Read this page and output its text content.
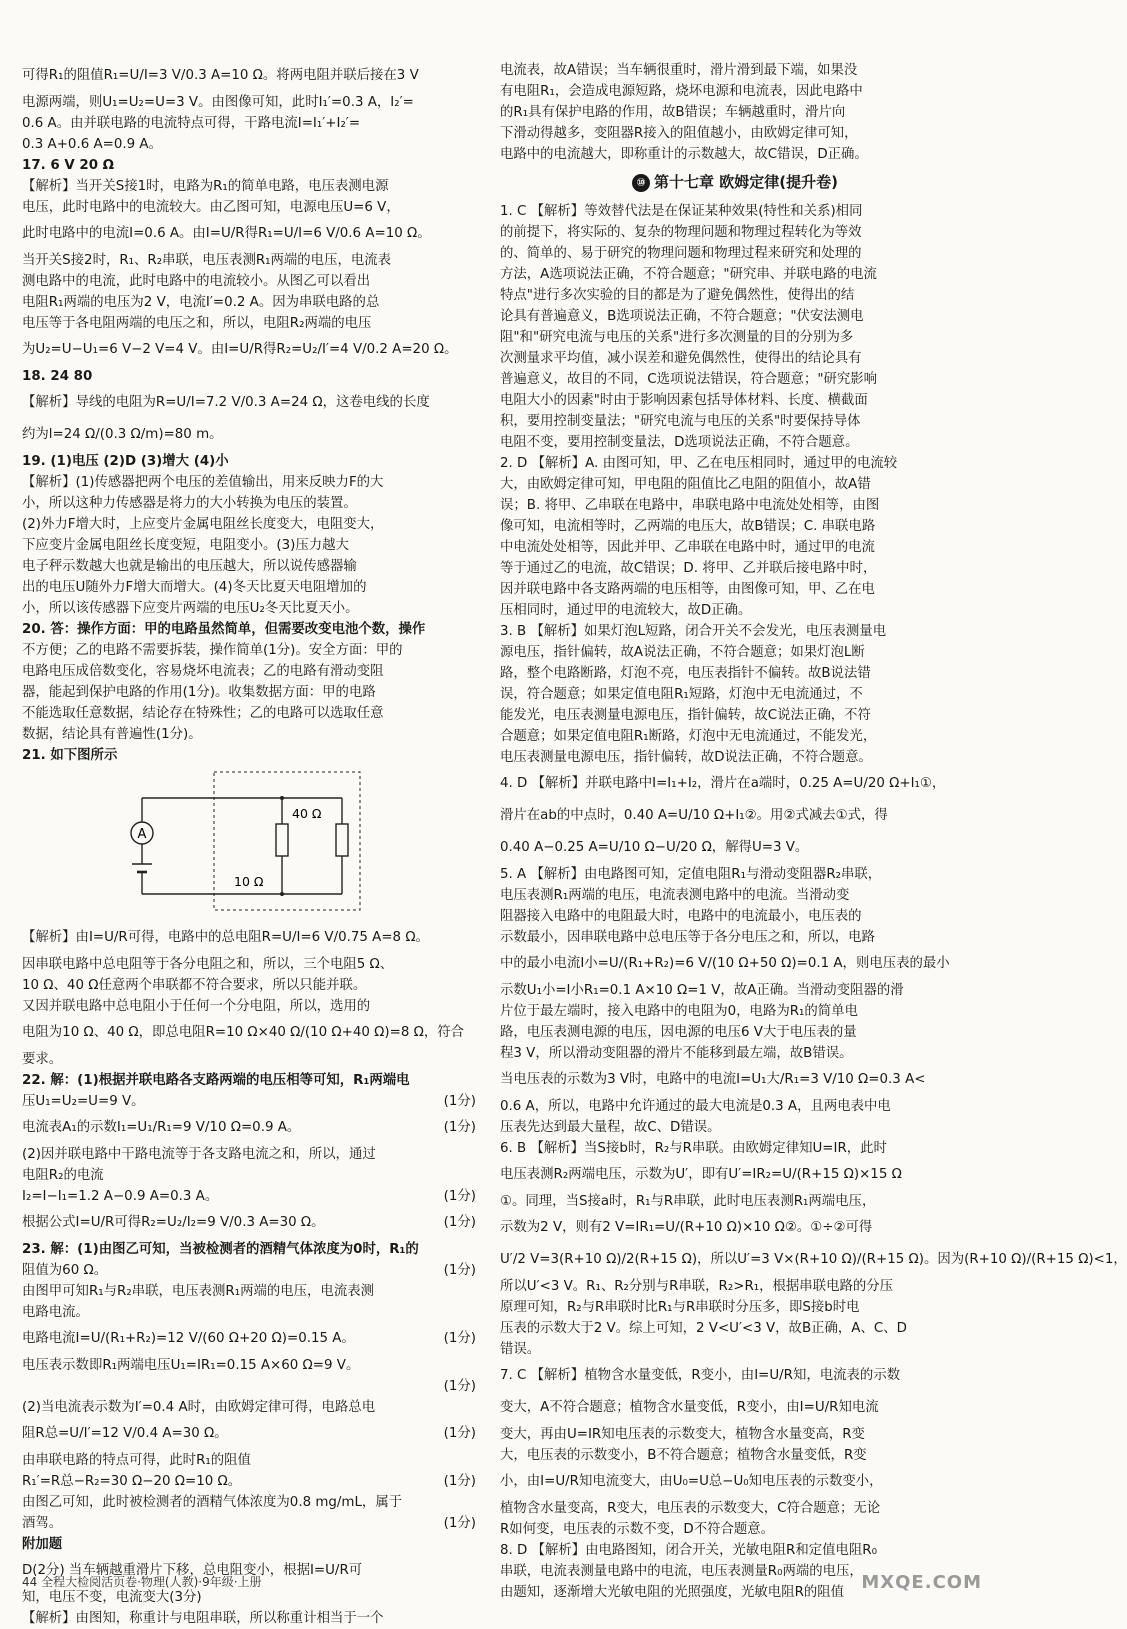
可得R₁的阻值R₁=U/I=3 V/0.3 A=10 Ω。将两电阻并联后接在3 V
电源两端，则U₁=U₂=U=3 V。由图像可知，此时I₁′=0.3 A，I₂′=
0.6 A。由并联电路的电流特点可得，干路电流I=I₁′+I₂′=
0.3 A+0.6 A=0.9 A。
17. 6 V 20 Ω
【解析】当开关S接1时，电路为R₁的简单电路，电压表测电源
电压，此时电路中的电流较大。由乙图可知，电源电压U=6 V，
此时电路中的电流I=0.6 A。由I=U/R得R₁=U/I=6 V/0.6 A=10 Ω。
当开关S接2时，R₁、R₂串联，电压表测R₁两端的电压，电流表
测电路中的电流，此时电路中的电流较小。从图乙可以看出
电阻R₁两端的电压为2 V，电流I′=0.2 A。因为串联电路的总
电压等于各电阻两端的电压之和，所以，电阻R₂两端的电压
为U₂=U−U₁=6 V−2 V=4 V。由I=U/R得R₂=U₂/I′=4 V/0.2 A=20 Ω。
18. 24 80
【解析】导线的电阻为R=U/I=7.2 V/0.3 A=24 Ω，这卷电线的长度
约为l=24 Ω/(0.3 Ω/m)=80 m。
19. (1)电压 (2)D (3)增大 (4)小
【解析】(1)传感器把两个电压的差值输出，用来反映力F的大
小，所以这种力传感器是将力的大小转换为电压的装置。
(2)外力F增大时，上应变片金属电阻丝长度变大，电阻变大，
下应变片金属电阻丝长度变短，电阻变小。(3)压力越大
电子秤示数越大也就是输出的电压越大，所以说传感器输
出的电压U随外力F增大而增大。(4)冬天比夏天电阻增加的
小，所以该传感器下应变片两端的电压U₂冬天比夏天小。
20. 答：操作方面：甲的电路虽然简单，但需要改变电池个数，操作
不方便；乙的电路不需要拆装，操作简单(1分)。安全方面：甲的
电路电压成倍数变化，容易烧坏电流表；乙的电路有滑动变阻
器，能起到保护电路的作用(1分)。收集数据方面：甲的电路
不能选取任意数据，结论存在特殊性；乙的电路可以选取任意
数据，结论具有普遍性(1分)。
21. 如下图所示
A
40 Ω
10 Ω
【解析】由I=U/R可得，电路中的总电阻R=U/I=6 V/0.75 A=8 Ω。
因串联电路中总电阻等于各分电阻之和，所以，三个电阻5 Ω、
10 Ω、40 Ω任意两个串联都不符合要求，所以只能并联。
又因并联电路中总电阻小于任何一个分电阻，所以，选用的
电阻为10 Ω、40 Ω，即总电阻R=10 Ω×40 Ω/(10 Ω+40 Ω)=8 Ω，符合
要求。
22. 解：(1)根据并联电路各支路两端的电压相等可知，R₁两端电
(1分)
压U₁=U₂=U=9 V。
(1分)
电流表A₁的示数I₁=U₁/R₁=9 V/10 Ω=0.9 A。
(2)因并联电路中干路电流等于各支路电流之和，所以，通过
电阻R₂的电流
(1分)
I₂=I−I₁=1.2 A−0.9 A=0.3 A。
(1分)
根据公式I=U/R可得R₂=U₂/I₂=9 V/0.3 A=30 Ω。
23. 解：(1)由图乙可知，当被检测者的酒精气体浓度为0时，R₁的
(1分)
阻值为60 Ω。
由图甲可知R₁与R₂串联，电压表测R₁两端的电压，电流表测
电路电流。
(1分)
电路电流I=U/(R₁+R₂)=12 V/(60 Ω+20 Ω)=0.15 A。
电压表示数即R₁两端电压U₁=IR₁=0.15 A×60 Ω=9 V。
(1分)
(2)当电流表示数为I′=0.4 A时，由欧姆定律可得，电路总电
(1分)
阻R总=U/I′=12 V/0.4 A=30 Ω。
由串联电路的特点可得，此时R₁的阻值
(1分)
R₁′=R总−R₂=30 Ω−20 Ω=10 Ω。
由图乙可知，此时被检测者的酒精气体浓度为0.8 mg/mL，属于
(1分)
酒驾。
附加题
D(2分) 当车辆越重滑片下移，总电阻变小，根据I=U/R可
知，电压不变，电流变大(3分)
【解析】由图知，称重计与电阻串联，所以称重计相当于一个
电流表，故A错误；当车辆很重时，滑片滑到最下端，如果没
有电阻R₁，会造成电源短路，烧坏电源和电流表，因此电路中
的R₁具有保护电路的作用，故B错误；车辆越重时，滑片向
下滑动得越多，变阻器R接入的阻值越小，由欧姆定律可知，
电路中的电流越大，即称重计的示数越大，故C错误，D正确。
⑩ 第十七章 欧姆定律(提升卷)
1. C 【解析】等效替代法是在保证某种效果(特性和关系)相同
的前提下，将实际的、复杂的物理问题和物理过程转化为等效
的、简单的、易于研究的物理问题和物理过程来研究和处理的
方法，A选项说法正确，不符合题意；"研究串、并联电路的电流
特点"进行多次实验的目的都是为了避免偶然性，使得出的结
论具有普遍意义，B选项说法正确，不符合题意；"伏安法测电
阻"和"研究电流与电压的关系"进行多次测量的目的分别为多
次测量求平均值，减小误差和避免偶然性，使得出的结论具有
普遍意义，故目的不同，C选项说法错误，符合题意；"研究影响
电阻大小的因素"时由于影响因素包括导体材料、长度、横截面
积，要用控制变量法；"研究电流与电压的关系"时要保持导体
电阻不变，要用控制变量法，D选项说法正确，不符合题意。
2. D 【解析】A. 由图可知，甲、乙在电压相同时，通过甲的电流较
大，由欧姆定律可知，甲电阻的阻值比乙电阻的阻值小，故A错
误；B. 将甲、乙串联在电路中，串联电路中电流处处相等，由图
像可知，电流相等时，乙两端的电压大，故B错误；C. 串联电路
中电流处处相等，因此并甲、乙串联在电路中时，通过甲的电流
等于通过乙的电流，故C错误；D. 将甲、乙并联后接电路中时，
因并联电路中各支路两端的电压相等，由图像可知，甲、乙在电
压相同时，通过甲的电流较大，故D正确。
3. B 【解析】如果灯泡L短路，闭合开关不会发光，电压表测量电
源电压，指针偏转，故A说法正确，不符合题意；如果灯泡L断
路，整个电路断路，灯泡不亮，电压表指针不偏转。故B说法错
误，符合题意；如果定值电阻R₁短路，灯泡中无电流通过，不
能发光，电压表测量电源电压，指针偏转，故C说法正确，不符
合题意；如果定值电阻R₁断路，灯泡中无电流通过，不能发光，
电压表测量电源电压，指针偏转，故D说法正确，不符合题意。
4. D 【解析】并联电路中I=I₁+I₂，滑片在a端时，0.25 A=U/20 Ω+I₁①，
滑片在ab的中点时，0.40 A=U/10 Ω+I₁②。用②式减去①式，得
0.40 A−0.25 A=U/10 Ω−U/20 Ω，解得U=3 V。
5. A 【解析】由电路图可知，定值电阻R₁与滑动变阻器R₂串联，
电压表测R₁两端的电压，电流表测电路中的电流。当滑动变
阻器接入电路中的电阻最大时，电路中的电流最小，电压表的
示数最小，因串联电路中总电压等于各分电压之和，所以，电路
中的最小电流I小=U/(R₁+R₂)=6 V/(10 Ω+50 Ω)=0.1 A，则电压表的最小
示数U₁小=I小R₁=0.1 A×10 Ω=1 V，故A正确。当滑动变阻器的滑
片位于最左端时，接入电路中的电阻为0，电路为R₁的简单电
路，电压表测电源的电压，因电源的电压6 V大于电压表的量
程3 V，所以滑动变阻器的滑片不能移到最左端，故B错误。
当电压表的示数为3 V时，电路中的电流I=U₁大/R₁=3 V/10 Ω=0.3 A<
0.6 A，所以，电路中允许通过的最大电流是0.3 A，且两电表中电
压表先达到最大量程，故C、D错误。
6. B 【解析】当S接b时，R₂与R串联。由欧姆定律知U=IR，此时
电压表测R₂两端电压，示数为U′，即有U′=IR₂=U/(R+15 Ω)×15 Ω
①。同理，当S接a时，R₁与R串联，此时电压表测R₁两端电压，
示数为2 V，则有2 V=IR₁=U/(R+10 Ω)×10 Ω②。①÷②可得
U′/2 V=3(R+10 Ω)/2(R+15 Ω)，所以U′=3 V×(R+10 Ω)/(R+15 Ω)。因为(R+10 Ω)/(R+15 Ω)<1，
所以U′<3 V。R₁、R₂分别与R串联，R₂>R₁，根据串联电路的分压
原理可知，R₂与R串联时比R₁与R串联时分压多，即S接b时电
压表的示数大于2 V。综上可知，2 V<U′<3 V，故B正确，A、C、D
错误。
7. C 【解析】植物含水量变低，R变小，由I=U/R知，电流表的示数
变大，A不符合题意；植物含水量变低，R变小，由I=U/R知电流
变大，再由U=IR知电压表的示数变大，植物含水量变高，R变
大，电压表的示数变小，B不符合题意；植物含水量变低，R变
小，由I=U/R知电流变大，由U₀=U总−U₀知电压表的示数变小，
植物含水量变高，R变大，电压表的示数变大，C符合题意；无论
R如何变，电压表的示数不变，D不符合题意。
8. D 【解析】由电路图知，闭合开关，光敏电阻R和定值电阻R₀
串联，电流表测量电路中的电流，电压表测量R₀两端的电压，
由题知，逐渐增大光敏电阻的光照强度，光敏电阻R的阻值
44 全程大检阅活页卷·物理(人教)·9年级·上册	MXQE.COM
